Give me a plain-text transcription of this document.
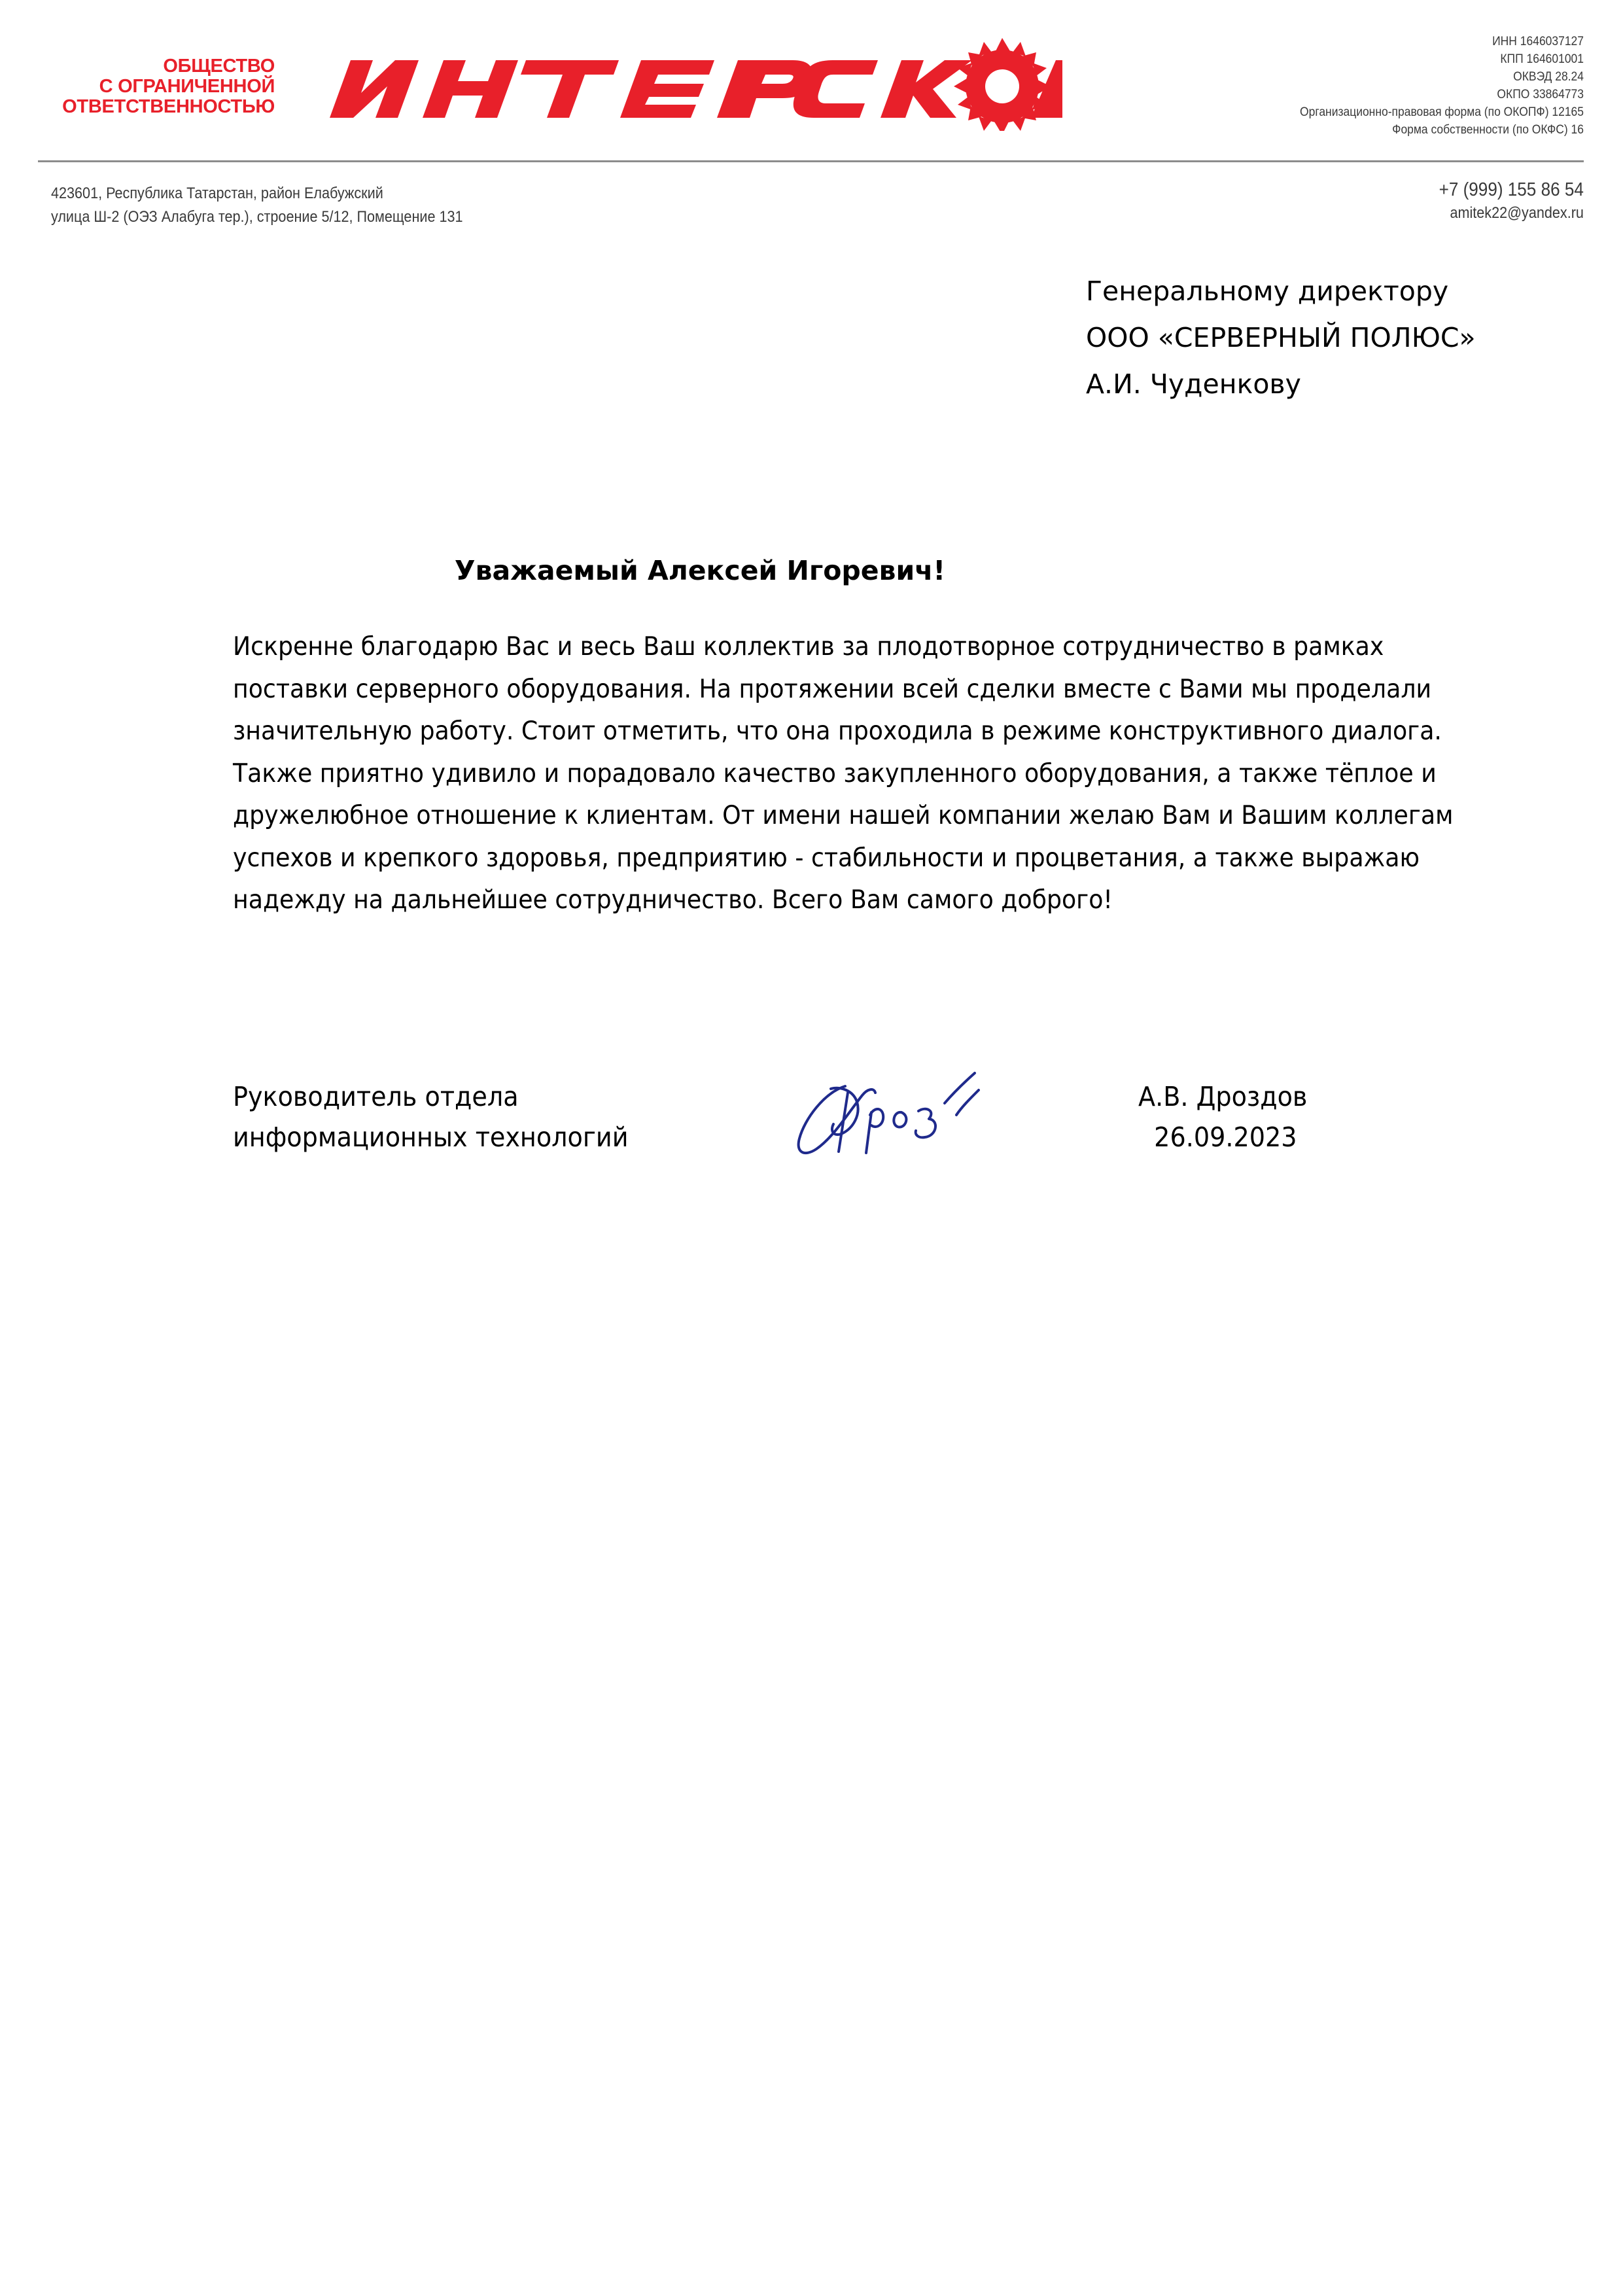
ОБЩЕСТВО
С ОГРАНИЧЕННОЙ
ОТВЕТСТВЕННОСТЬЮ
ИНН 1646037127
КПП 164601001
ОКВЭД 28.24
ОКПО 33864773
Организационно-правовая форма (по ОКОПФ) 12165
Форма собственности (по ОКФС) 16
423601, Республика Татарстан, район Елабужский
улица Ш-2 (ОЭЗ Алабуга тер.), строение 5/12, Помещение 131
+7 (999) 155 86 54
amitek22@yandex.ru
Генеральному директору
ООО «СЕРВЕРНЫЙ ПОЛЮС»
А.И. Чуденкову
Уважаемый Алексей Игоревич!
Искренне благодарю Вас и весь Ваш коллектив за плодотворное сотрудничество в рамках
поставки серверного оборудования. На протяжении всей сделки вместе с Вами мы проделали
значительную работу. Стоит отметить, что она проходила в режиме конструктивного диалога.
Также приятно удивило и порадовало качество закупленного оборудования, а также тёплое и
дружелюбное отношение к клиентам. От имени нашей компании желаю Вам и Вашим коллегам
успехов и крепкого здоровья, предприятию - стабильности и процветания, а также выражаю
надежду на дальнейшее сотрудничество. Всего Вам самого доброго!
Руководитель отдела
информационных технологий
А.В. Дроздов
26.09.2023
